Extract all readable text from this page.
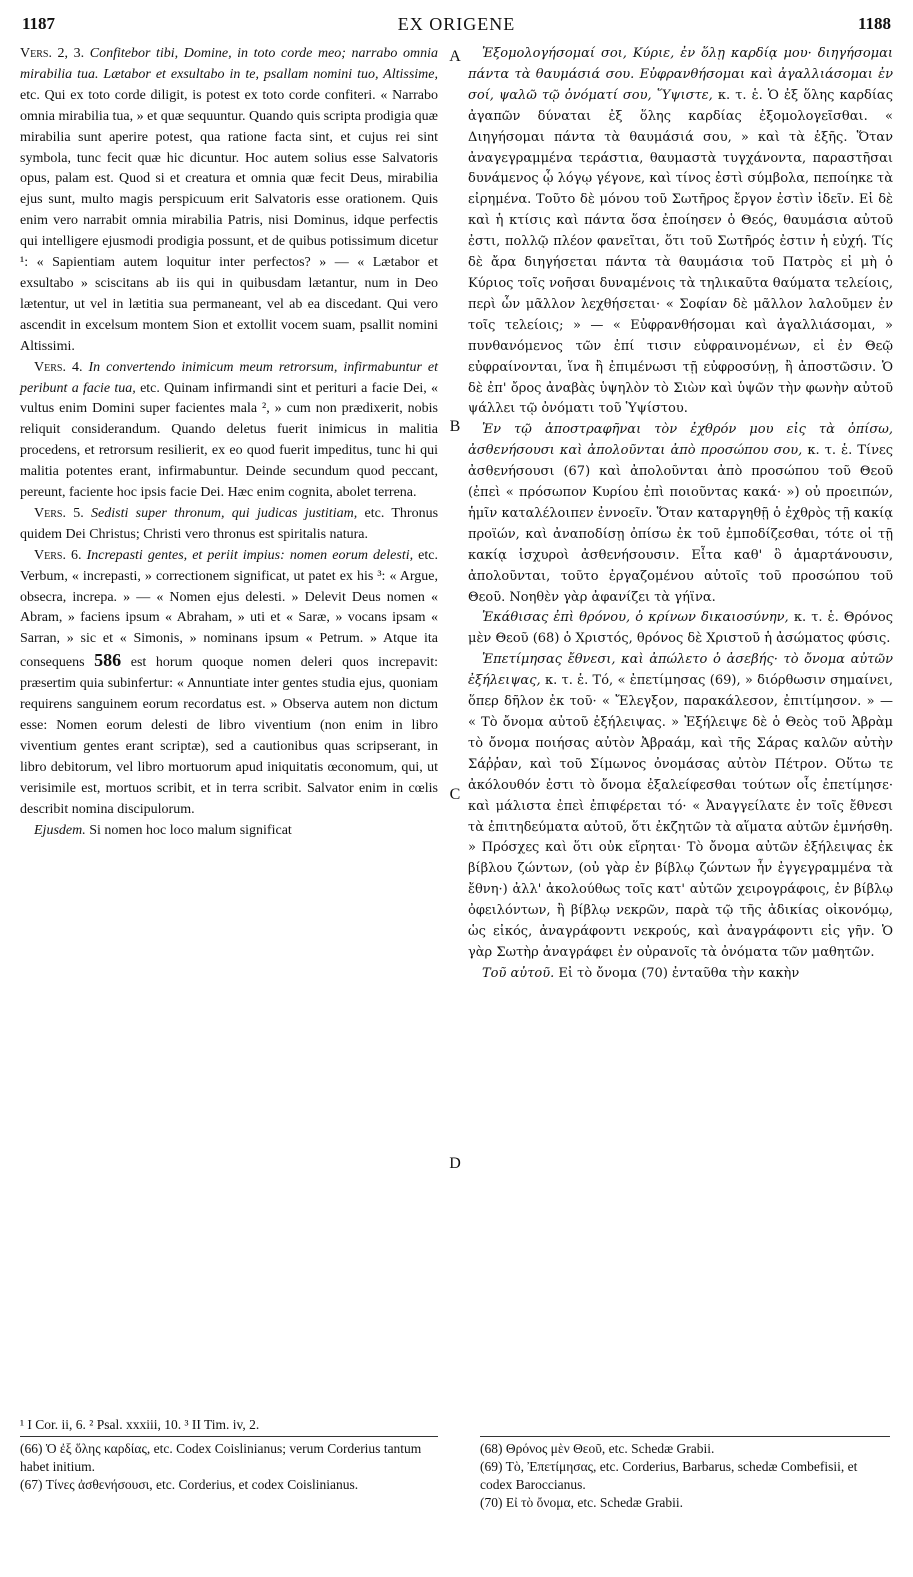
1187	EX ORIGENE	1188

Vers. 2, 3. Confitebor tibi, Domine, in toto corde meo; narrabo omnia mirabilia tua. Lætabor et exsultabo in te, psallam nomini tuo, Altissime, etc. Qui ex toto corde diligit, is potest ex toto corde confiteri. « Narrabo omnia mirabilia tua, » et quæ sequuntur. Quando quis scripta prodigia quæ mirabilia sunt aperire potest, qua ratione facta sint, et cujus rei sint symbola, tunc fecit quæ hic dicuntur. Hoc autem solius esse Salvatoris opus, palam est. Quod si et creatura et omnia quæ fecit Deus, mirabilia ejus sunt, multo magis perspicuum erit Salvatoris esse orationem. Quis enim vero narrabit omnia mirabilia Patris, nisi Dominus, idque perfectis qui intelligere ejusmodi prodigia possunt, et de quibus potissimum dicetur ¹: « Sapientiam autem loquitur inter perfectos? » — « Lætabor et exsultabo » sciscitans ab iis qui in quibusdam lætantur, num in Deo lætentur, ut vel in lætitia sua permaneant, vel ab ea discedant. Qui vero ascendit in excelsum montem Sion et extollit vocem suam, psallit nomini Altissimi.

Vers. 4. In convertendo inimicum meum retrorsum, infirmabuntur et peribunt a facie tua, etc. Quinam infirmandi sint et perituri a facie Dei, « vultus enim Domini super facientes mala ², » cum non prædixerit, nobis reliquit considerandum. Quando deletus fuerit inimicus in malitia procedens, et retrorsum resilierit, ex eo quod fuerit impeditus, tunc hi qui malitia potentes erant, infirmabuntur. Deinde secundum quod peccant, pereunt, faciente hoc ipsis facie Dei. Hæc enim cognita, abolet terrena.

Vers. 5. Sedisti super thronum, qui judicas justitiam, etc. Thronus quidem Dei Christus; Christi vero thronus est spiritalis natura.

Vers. 6. Increpasti gentes, et periit impius: nomen eorum delesti, etc. Verbum, « increpasti, » correctionem significat, ut patet ex his ³: « Argue, obsecra, increpa. » — « Nomen ejus delesti. » Delevit Deus nomen « Abram, » faciens ipsum « Abraham, » uti et « Saræ, » vocans ipsam « Sarran, » sic et « Simonis, » nominans ipsum « Petrum. » Atque ita consequens 586 est horum quoque nomen deleri quos increpavit: præsertim quia subinfertur: « Annuntiate inter gentes studia ejus, quoniam requirens sanguinem eorum recordatus est. » Observa autem non dictum esse: Nomen eorum delesti de libro viventium (non enim in libro viventium gentes erant scriptæ), sed a cautionibus quas scripserant, in libro debitorum, vel libro mortuorum apud iniquitatis œconomum, qui, ut verisimile est, mortuos scribit, et in terra scribit. Salvator enim in cœlis describit nomina discipulorum.

Ejusdem. Si nomen hoc loco malum significat

Ἐξομολογήσομαί σοι, Κύριε, ἐν ὅλῃ καρδίᾳ μου· διηγήσομαι πάντα τὰ θαυμάσιά σου. Εὐφρανθήσομαι καὶ ἀγαλλιάσομαι ἐν σοί, ψαλῶ τῷ ὀνόματί σου, Ὕψιστε, κ. τ. ἑ. Ὁ ἐξ ὅλης καρδίας ἀγαπῶν δύναται ἐξ ὅλης καρδίας ἐξομολογεῖσθαι. « Διηγήσομαι πάντα τὰ θαυμάσιά σου, » καὶ τὰ ἑξῆς. Ὅταν ἀναγεγραμμένα τεράστια, θαυμαστὰ τυγχάνοντα, παραστῆσαι δυνάμενος ᾧ λόγῳ γέγονε, καὶ τίνος ἐστὶ σύμβολα, πεποίηκε τὰ εἰρημένα. Τοῦτο δὲ μόνου τοῦ Σωτῆρος ἔργον ἐστὶν ἰδεῖν. Εἰ δὲ καὶ ἡ κτίσις καὶ πάντα ὅσα ἐποίησεν ὁ Θεός, θαυμάσια αὐτοῦ ἐστι, πολλῷ πλέον φανεῖται, ὅτι τοῦ Σωτῆρός ἐστιν ἡ εὐχή. Τίς δὲ ἄρα διηγήσεται πάντα τὰ θαυμάσια τοῦ Πατρὸς εἰ μὴ ὁ Κύριος τοῖς νοῆσαι δυναμένοις τὰ τηλικαῦτα θαύματα τελείοις, περὶ ὧν μᾶλλον λεχθήσεται· « Σοφίαν δὲ μᾶλλον λαλοῦμεν ἐν τοῖς τελείοις; » — « Εὐφρανθήσομαι καὶ ἀγαλλιάσομαι, » πυνθανόμενος τῶν ἐπί τισιν εὐφραινομένων, εἰ ἐν Θεῷ εὐφραίνονται, ἵνα ἢ ἐπιμένωσι τῇ εὐφροσύνῃ, ἢ ἀποστῶσιν. Ὁ δὲ ἐπ' ὄρος ἀναβὰς ὑψηλὸν τὸ Σιὼν καὶ ὑψῶν τὴν φωνὴν αὐτοῦ ψάλλει τῷ ὀνόματι τοῦ Ὑψίστου.

Ἐν τῷ ἀποστραφῆναι τὸν ἐχθρόν μου εἰς τὰ ὀπίσω, ἀσθενήσουσι καὶ ἀπολοῦνται ἀπὸ προσώπου σου, κ. τ. ἑ. Τίνες ἀσθενήσουσι (67) καὶ ἀπολοῦνται ἀπὸ προσώπου τοῦ Θεοῦ (ἐπεὶ « πρόσωπον Κυρίου ἐπὶ ποιοῦντας κακά· ») οὐ προειπών, ἡμῖν καταλέλοιπεν ἐννοεῖν. Ὅταν καταργηθῇ ὁ ἐχθρὸς τῇ κακίᾳ προϊών, καὶ ἀναποδίσῃ ὀπίσω ἐκ τοῦ ἐμποδίζεσθαι, τότε οἱ τῇ κακίᾳ ἰσχυροὶ ἀσθενήσουσιν. Εἶτα καθ' ὃ ἁμαρτάνουσιν, ἀπολοῦνται, τοῦτο ἐργαζομένου αὐτοῖς τοῦ προσώπου τοῦ Θεοῦ. Νοηθὲν γὰρ ἀφανίζει τὰ γήϊνα.

Ἐκάθισας ἐπὶ θρόνου, ὁ κρίνων δικαιοσύνην, κ. τ. ἑ. Θρόνος μὲν Θεοῦ (68) ὁ Χριστός, θρόνος δὲ Χριστοῦ ἡ ἀσώματος φύσις.

Ἐπετίμησας ἔθνεσι, καὶ ἀπώλετο ὁ ἀσεβής· τὸ ὄνομα αὐτῶν ἐξήλειψας, κ. τ. ἑ. Τό, « ἐπετίμησας (69), » διόρθωσιν σημαίνει, ὅπερ δῆλον ἐκ τοῦ· « Ἔλεγξον, παρακάλεσον, ἐπιτίμησον. » — « Τὸ ὄνομα αὐτοῦ ἐξήλειψας. » Ἐξήλειψε δὲ ὁ Θεὸς τοῦ Ἀβρὰμ τὸ ὄνομα ποιήσας αὐτὸν Ἀβραάμ, καὶ τῆς Σάρας καλῶν αὐτὴν Σάῤῥαν, καὶ τοῦ Σίμωνος ὀνομάσας αὐτὸν Πέτρον. Οὕτω τε ἀκόλουθόν ἐστι τὸ ὄνομα ἐξαλείφεσθαι τούτων οἷς ἐπετίμησε· καὶ μάλιστα ἐπεὶ ἐπιφέρεται τό· « Ἀναγγείλατε ἐν τοῖς ἔθνεσι τὰ ἐπιτηδεύματα αὐτοῦ, ὅτι ἐκζητῶν τὰ αἵματα αὐτῶν ἐμνήσθη. » Πρόσχες καὶ ὅτι οὐκ εἴρηται· Τὸ ὄνομα αὐτῶν ἐξήλειψας ἐκ βίβλου ζώντων, (οὐ γὰρ ἐν βίβλῳ ζώντων ἦν ἐγγεγραμμένα τὰ ἔθνη·) ἀλλ' ἀκολούθως τοῖς κατ' αὐτῶν χειρογράφοις, ἐν βίβλῳ ὀφειλόντων, ἢ βίβλῳ νεκρῶν, παρὰ τῷ τῆς ἀδικίας οἰκονόμῳ, ὡς εἰκός, ἀναγράφοντι νεκρούς, καὶ ἀναγράφοντι εἰς γῆν. Ὁ γὰρ Σωτὴρ ἀναγράφει ἐν οὐρανοῖς τὰ ὀνόματα τῶν μαθητῶν.

Τοῦ αὐτοῦ. Εἰ τὸ ὄνομα (70) ἐνταῦθα τὴν κακὴν

A
B
C
D
¹ I Cor. ii, 6. ² Psal. xxxiii, 10. ³ II Tim. iv, 2.
(66) Ὁ ἐξ ὅλης καρδίας, etc. Codex Coislinianus; verum Corderius tantum habet initium.
(67) Τίνες ἀσθενήσουσι, etc. Corderius, et codex Coislinianus.
(68) Θρόνος μὲν Θεοῦ, etc. Schedæ Grabii.
(69) Τὸ, Ἐπετίμησας, etc. Corderius, Barbarus, schedæ Combefisii, et codex Baroccianus.
(70) Εἰ τὸ ὄνομα, etc. Schedæ Grabii.
